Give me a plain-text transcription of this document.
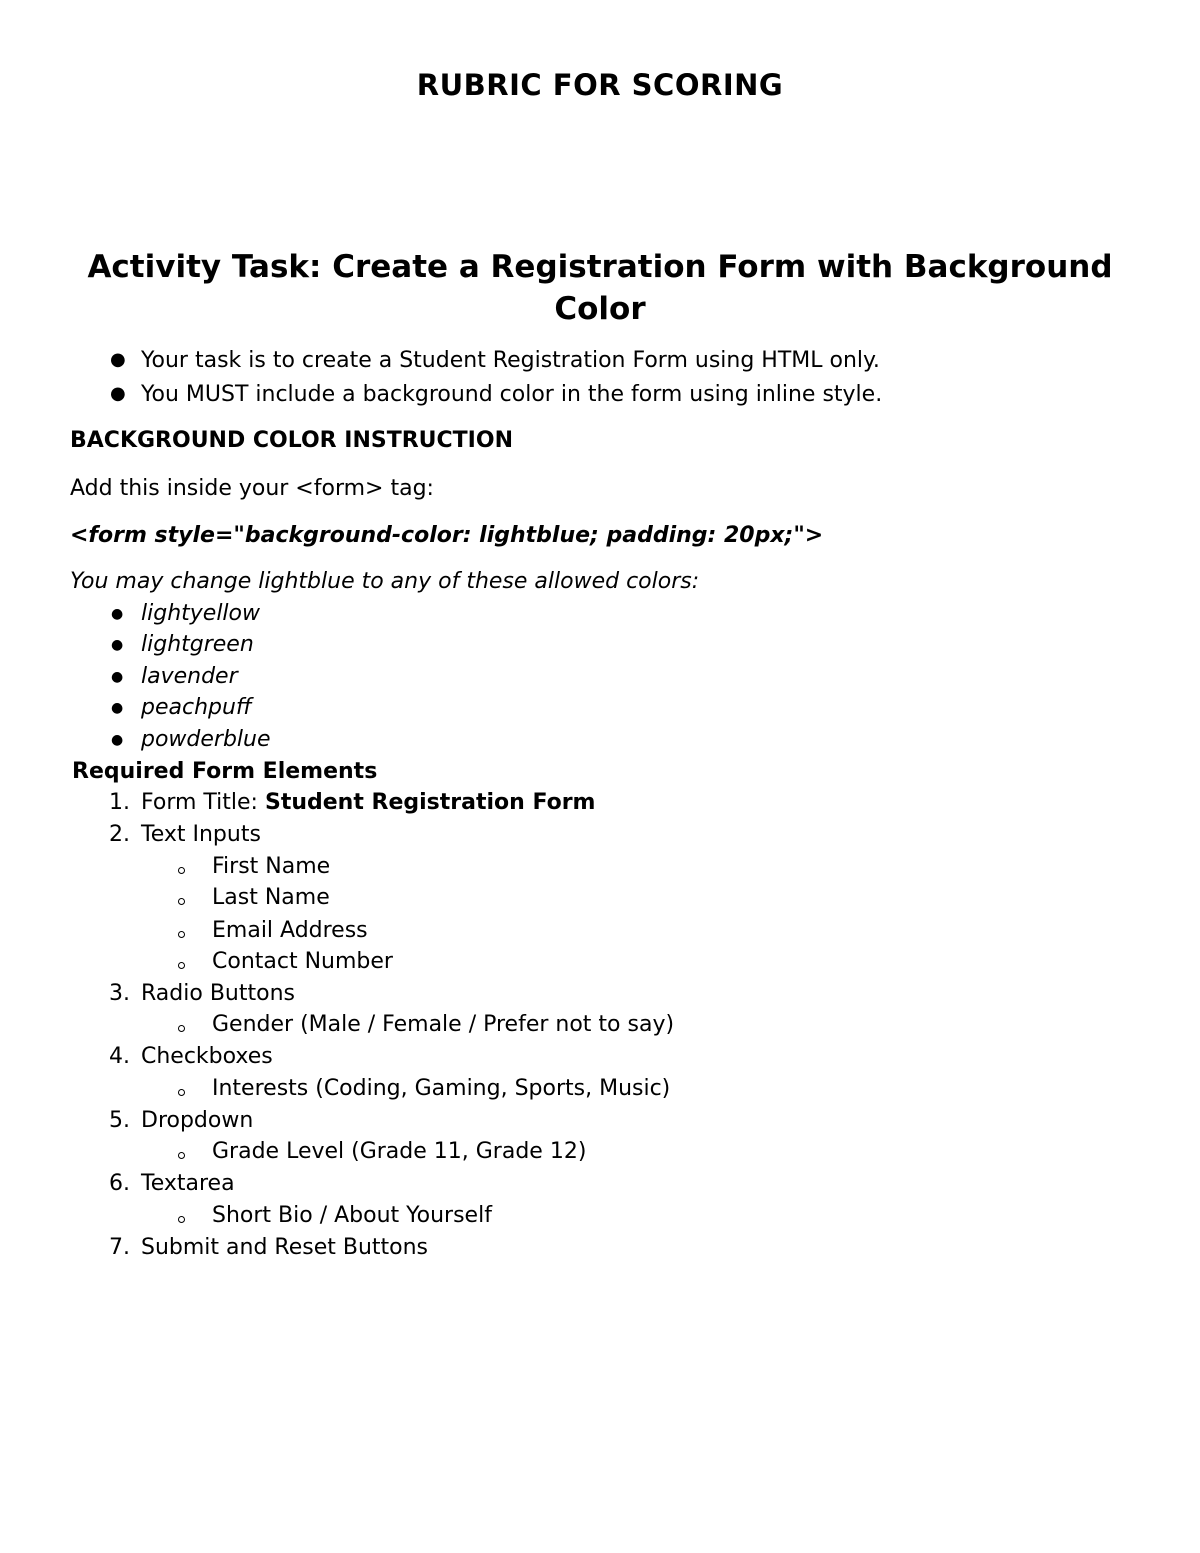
RUBRIC FOR SCORING
Activity Task: Create a Registration Form with Background Color
● Your task is to create a Student Registration Form using HTML only.
● You MUST include a background color in the form using inline style.
BACKGROUND COLOR INSTRUCTION
Add this inside your <form> tag:
<form style="background-color: lightblue; padding: 20px;">
You may change lightblue to any of these allowed colors:
● lightyellow
● lightgreen
● lavender
● peachpuff
● powderblue
Required Form Elements
1. Form Title: Student Registration Form
2. Text Inputs
First Name
Last Name
Email Address
Contact Number
3. Radio Buttons
Gender (Male / Female / Prefer not to say)
4. Checkboxes
Interests (Coding, Gaming, Sports, Music)
5. Dropdown
Grade Level (Grade 11, Grade 12)
6. Textarea
Short Bio / About Yourself
7. Submit and Reset Buttons
